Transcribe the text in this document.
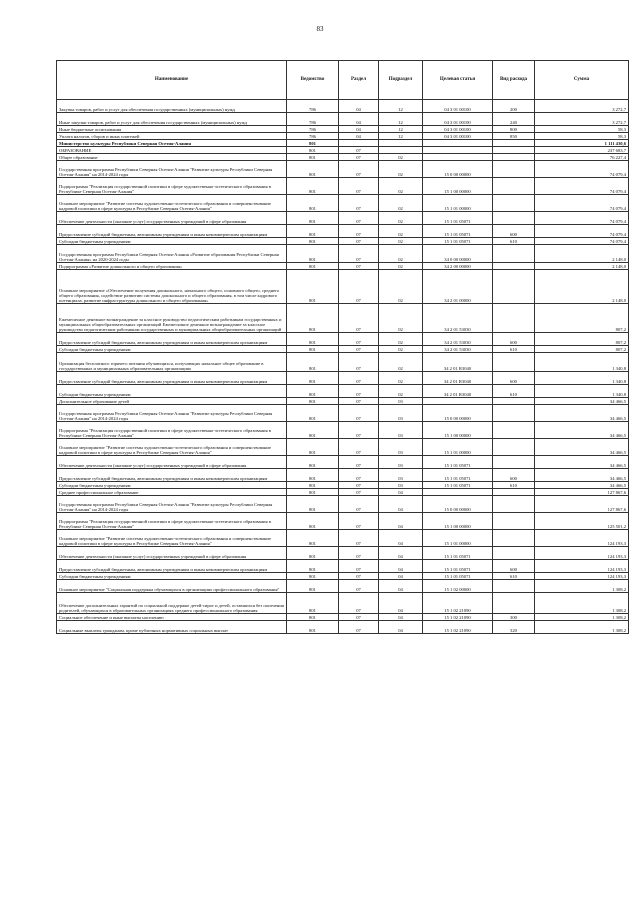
83
Наименование	Ведомство	Раздел	Подраздел	Целевая статья	Вид расхода	Сумма
Закупка товаров, работ и услуг для обеспечения государственных (муниципальных) нужд	786	04	12	04 3 01 00100	200	3 272,7
Иные закупки товаров, работ и услуг для обеспечения государственных (муниципальных) нужд	786	04	12	04 3 01 00100	240	3 272,7
Иные бюджетные ассигнования	786	04	12	04 3 01 00100	800	58,3
Уплата налогов, сборов и иных платежей	786	04	12	04 3 01 00100	850	58,3
Министерство культуры Республики Северная Осетия-Алания	801					1 111 430,6
ОБРАЗОВАНИЕ	801	07				237 683,7
Общее образование	801	07	02			76 227,4
Государственная программа Республики Северная Осетия-Алания "Развитие культуры Республики Северная Осетия-Алания" на 2014-2024 годы	801	07	02	15 0 00 00000		74 079,4
Подпрограмма "Реализация государственной политики в сфере художественно-эстетического образования в Республике Северная Осетия-Алания"	801	07	02	15 1 00 00000		74 079,4
Основное мероприятие "Развитие системы художественно-эстетического образования и совершенствование кадровой политики в сфере культуры в Республике Северная Осетия-Алания"	801	07	02	15 1 01 00000		74 079,4
Обеспечение деятельности (оказание услуг) государственных учреждений в сфере образования	801	07	02	15 1 01 05071		74 079,4
Предоставление субсидий бюджетным, автономным учреждениям и иным некоммерческим организациям	801	07	02	15 1 01 05071	600	74 079,4
Субсидии бюджетным учреждениям	801	07	02	15 1 01 05071	610	74 079,4
Государственная программа Республики Северная Осетия-Алания «Развитие образования Республики Северная Осетия-Алания» на 2020-2024 годы	801	07	02	34 0 00 00000		2 148,0
Подпрограмма «Развитие дошкольного и общего образования»	801	07	02	34 2 00 00000		2 148,0
Основное мероприятие «Обеспечение получения дошкольного, начального общего, основного общего, среднего общего образования, содействие развитию системы дошкольного и общего образования, в том числе кадрового потенциала, развитие инфраструктуры дошкольного и общего образования»	801	07	02	34 2 01 00000		2 148,0
Ежемесячное денежное вознаграждение за классное руководство педагогическим работникам государственных и муниципальных общеобразовательных организаций Ежемесячное денежное вознаграждение за классное руководство педагогическим работникам государственных и муниципальных общеобразовательных организаций	801	07	02	34 2 01 53030		807,2
Предоставление субсидий бюджетным, автономным учреждениям и иным некоммерческим организациям	801	07	02	34 2 01 53030	600	807,2
Субсидии бюджетным учреждениям	801	07	02	34 2 01 53030	610	807,2
Организация бесплатного горячего питания обучающихся, получающих начальное общее образование в государственных и муниципальных образовательных организациях	801	07	02	34 2 01 R3040		1 340,8
Предоставление субсидий бюджетным, автономным учреждениям и иным некоммерческим организациям	801	07	02	34 2 01 R3040	600	1 340,8
Субсидии бюджетным учреждениям	801	07	02	34 2 01 R3040	610	1 340,8
Дополнительное образование детей	801	07	03			34 466,5
Государственная программа Республики Северная Осетия-Алания "Развитие культуры Республики Северная Осетия-Алания" на 2014-2024 годы	801	07	03	15 0 00 00000		34 466,5
Подпрограмма "Реализация государственной политики в сфере художественно-эстетического образования в Республике Северная Осетия-Алания"	801	07	03	15 1 00 00000		34 466,5
Основное мероприятие "Развитие системы художественно-эстетического образования и совершенствование кадровой политики в сфере культуры в Республике Северная Осетия-Алания"	801	07	03	15 1 01 00000		34 466,5
Обеспечение деятельности (оказание услуг) государственных учреждений в сфере образования	801	07	03	15 1 01 05071		34 466,5
Предоставление субсидий бюджетным, автономным учреждениям и иным некоммерческим организациям	801	07	03	15 1 01 05071	600	34 466,5
Субсидии бюджетным учреждениям	801	07	03	15 1 01 05071	610	34 466,5
Среднее профессиональное образование	801	07	04			127 867,6
Государственная программа Республики Северная Осетия-Алания "Развитие культуры Республики Северная Осетия-Алания" на 2014-2024 годы	801	07	04	15 0 00 00000		127 867,6
Подпрограмма "Реализация государственной политики в сфере художественно-эстетического образования в Республике Северная Осетия-Алания"	801	07	04	15 1 00 00000		125 501,2
Основное мероприятие "Развитие системы художественно-эстетического образования и совершенствование кадровой политики в сфере культуры в Республике Северная Осетия-Алания"	801	07	04	15 1 01 00000		124 193,3
Обеспечение деятельности (оказание услуг) государственных учреждений в сфере образования	801	07	04	15 1 01 05071		124 193,3
Предоставление субсидий бюджетным, автономным учреждениям и иным некоммерческим организациям	801	07	04	15 1 01 05071	600	124 193,3
Субсидии бюджетным учреждениям	801	07	04	15 1 01 05071	610	124 193,3
Основное мероприятие "Социальная поддержка обучающихся в организациях профессионального образования"	801	07	04	15 1 02 00000		1 308,2
Обеспечение дополнительных гарантий по социальной поддержке детей-сирот и детей, оставшихся без попечения родителей, обучающихся в образовательных организациях среднего профессионального образования	801	07	04	15 1 02 21090		1 308,2
Социальное обеспечение и иные выплаты населению	801	07	04	15 1 02 21090	300	1 308,2
Социальные выплаты гражданам, кроме публичных нормативных социальных выплат	801	07	04	15 1 02 21090	320	1 308,2
